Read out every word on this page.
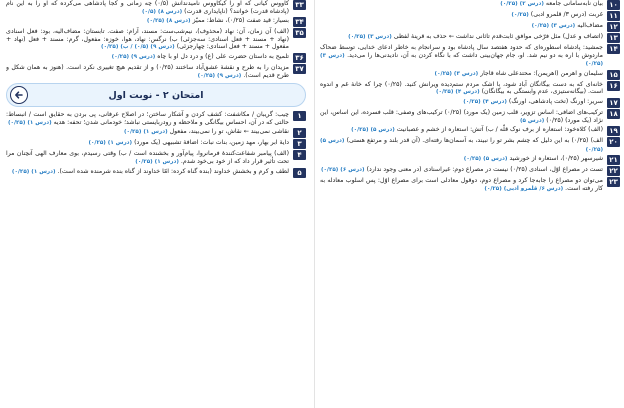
۱۰
بیان نابه‌سامانی جامعه (درس ۲) (۰/۲۵)
۱۱
غربت (درس ۳/ قلمرو ادبی) (۰/۲۵)
۱۲
مضاف‌الیه (درس ۳) (۰/۲۵)
۱۳
(اتصاف و عدل) مثل فرّخی موافق ثابت‌قدم تاثانی نداشت ← حذف به قرینهٔ لفظی (درس ۳) (۰/۲۵)
۱۴
جمشید: پادشاه اسطوره‌ای که حدود هفتصد سال پادشاه بود و سرانجام به خاطر ادعای خدایی، توسط ضحاک ماردوش با اره به دو نیم شد. او، جام جهان‌بینی داشت که با نگاه کردن به آن، نادیدنی‌ها را می‌دید. (درس ۳) (۰/۲۵)
۱۵
سلیمان و اهرمن (اهریمن): محتدعلی شاه قاجار (درس ۳) (۰/۲۵)
۱۶
خانه‌ای که به دست بیگانگان آباد شود، با اشک مردم ستم‌دیده ویرانش کنید. (۰/۲۵) چرا که خانهٔ غم و اندوه است. (بیگانه‌ستیزی، عدم وابستگی به بیگانگان) (درس ۴) (۰/۲۵)
۱۷
سریر: اورنگ (تخت پادشاهی، اورنگ) (درس ۴) (۰/۲۵)
۱۸
ترکیب‌های اضافی: اساس تزویر، قلب زمین (یک مورد) (۰/۲۵) ترکیب‌های وصفی: قلب فسرده، این اساس، این نژاد (یک مورد) (۰/۲۵) (درس ۵)
۱۹
(الف) کلاه‌خود: استعاره از برف نوک قلّه / ب) آتش: استعاره از خشم و عصبانیت (درس ۵) (۰/۲۵)
۲۰
الف) (۰/۲۵) به این دلیل که چشم بشر تو را نبیند، به آسمان‌ها رفته‌ای. (آن قدر بلند و مرتفع هستی) (درس ۵) (۰/۲۵)
۲۱
شیرسهر (۰/۲۵)، استعاره از خورشید (درس ۵) (۰/۲۵)
۲۲
تست در مصراع اوّل، اسنادی (۰/۲۵) نیست در مصراع دوم: غیراسنادی (در معنی وجود ندارد) (درس ۶) (۰/۲۵)
۲۳
می‌توان دو مصراع را جابه‌جا کرد و مصراع دوم، دوقول معادلی است برای مصراع اوّل: پس اسلوب معادله به کار رفته است. (درس ۶/ قلمرو ادبی) (۰/۲۵)
۳۳
کاووس کیانی که او را کیکاووس نامیدندانش (۰/۵) چه زمانی و کجا پادشاهی می‌کرده که او را به این نام (پادشاه قدرت) خوانند؟ (ناپایداری قدرت) (درس ۸) (۰/۵)
۳۴
بسیار: قید صفت (۰/۲۵)، نشاط: ممیّز (درس ۸) (۰/۲۵)
۳۵
(الف) آن زمان، آن: نهاد (محذوف)، نیم‌شب‌ست: مسند، آرام: صفت. تابستان: مضاف‌الیه، بود: فعل اسنادی (نهاد + مسند + فعل اسنادی: سه‌جزئی) ب) نرگس: نهاد، هوا، خوزه: مفعول، گرم: مسند + فعل (نهاد + مفعول + مسند + فعل اسنادی: چهارجزئی) (درس ۹) (۰/۵) / ب) (۰/۲۵)
۳۶
تلمیح به داستان حضرت علی (ع) و درد دل او با چاه (درس ۹) (۰/۲۵)
۳۷
مزیدان را به طرح و نقشهٔ عشق‌آباد ساختند (۰/۲۵) و از تقدیم هیچ تغییری نکرد است. (هنوز به همان شکل و طرح قدیم است). (درس ۹) (۰/۲۵)
امتحان ۲ - نوبت اول
۱
چیب: گریبان / مکاشفت: کشف کردن و آشکار ساختن؛ در اصلاح عرفانی، پی بردن به حقایق است / انبساط: حالتی که در آن، احساس بیگانگی و ملاحظه و رودربایستی نباشد؛ خودمانی شدن؛ تحفه: هدیه (درس ۱) (۰/۲۵)
۲
نقاشی نمی‌بیند ← نقاش، تو را نمی‌بیند، مفعول (درس ۱) (۰/۲۵)
۳
دایهٔ ابر بهار، مهد زمین، بنات نبات: اضافهٔ تشبیهی (یک مورد) (درس ۱) (۰/۲۵)
۴
(الف) پیامبر شفاعت‌کنندهٔ فرمانروا، پیام‌آور و بخشنده است / ب) وقتی رسیدم، بوی معارف الهی آنچنان مرا تحت تأثیر قرار داد که از خود بی‌خود شدم. (درس ۱) (۰/۲۵)
۵
لطف و کرم و بخشش خداوند (بنده گناه کرده: امّا خداوند از گناه بنده شرمنده شده است). (درس ۱) (۰/۲۵)
